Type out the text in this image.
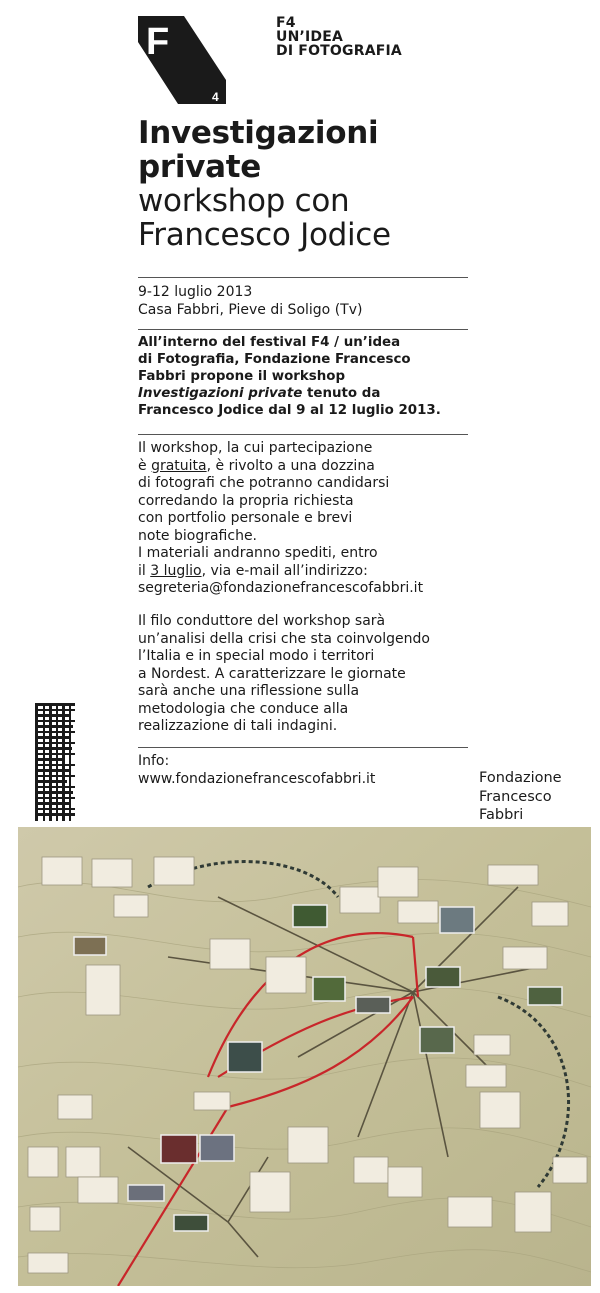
F
4
F4
UN’IDEA
DI FOTOGRAFIA
Investigazioni
private
workshop con
Francesco Jodice
9-12 luglio 2013
Casa Fabbri, Pieve di Soligo (Tv)
All’interno del festival F4 / un’idea
di Fotografia, Fondazione Francesco
Fabbri propone il workshop
Investigazioni private tenuto da
Francesco Jodice dal 9 al 12 luglio 2013.
Il workshop, la cui partecipazione
è gratuita, è rivolto a una dozzina
di fotografi che potranno candidarsi
corredando la propria richiesta
con portfolio personale e brevi
note biografiche.
I materiali andranno spediti, entro
il 3 luglio, via e-mail all’indirizzo:
segreteria@fondazionefrancescofabbri.it
Il filo conduttore del workshop sarà
un’analisi della crisi che sta coinvolgendo
l’Italia e in special modo i territori
a Nordest. A caratterizzare le giornate
sarà anche una riflessione sulla
metodologia che conduce alla
realizzazione di tali indagini.
Info:
www.fondazionefrancescofabbri.it	Fondazione
Francesco
Fabbri
